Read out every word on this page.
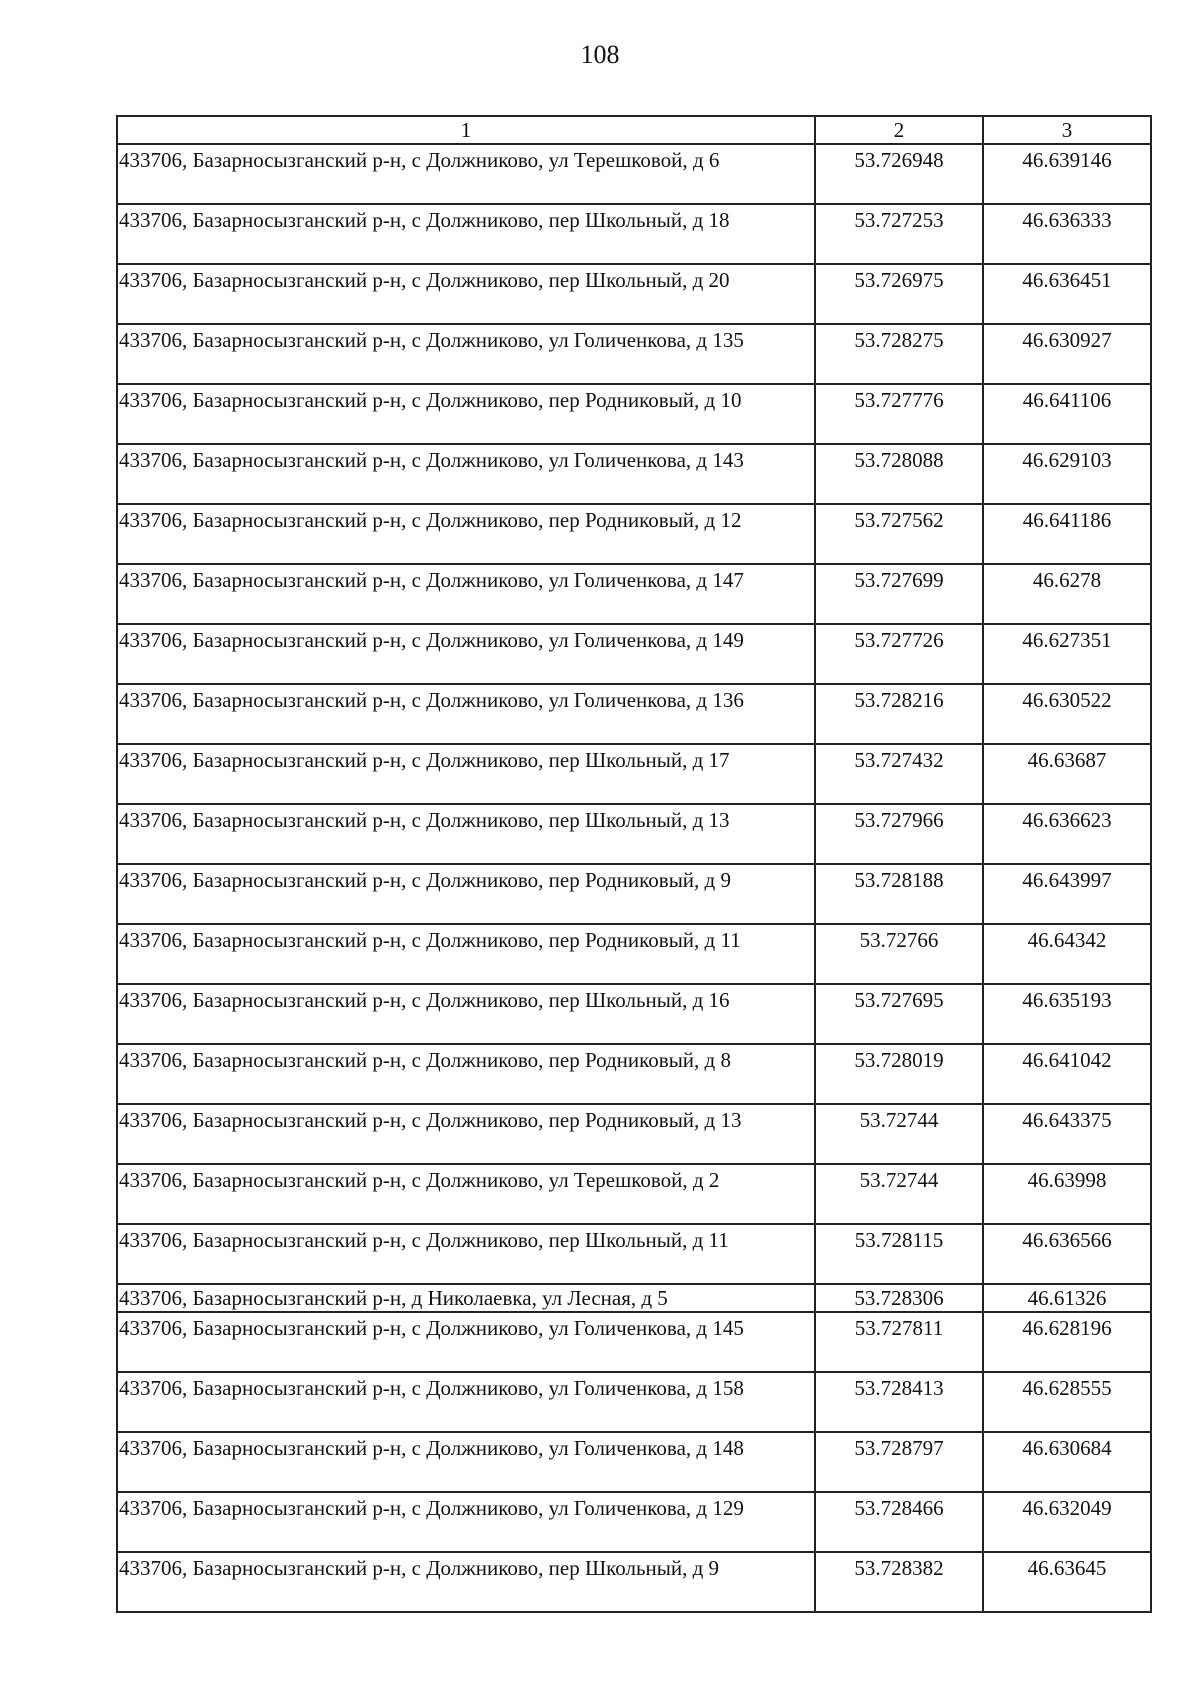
108
1	2	3
433706, Базарносызганский р-н, с Должниково, ул Терешковой, д 6	53.726948	46.639146
433706, Базарносызганский р-н, с Должниково, пер Школьный, д 18	53.727253	46.636333
433706, Базарносызганский р-н, с Должниково, пер Школьный, д 20	53.726975	46.636451
433706, Базарносызганский р-н, с Должниково, ул Голиченкова, д 135	53.728275	46.630927
433706, Базарносызганский р-н, с Должниково, пер Родниковый, д 10	53.727776	46.641106
433706, Базарносызганский р-н, с Должниково, ул Голиченкова, д 143	53.728088	46.629103
433706, Базарносызганский р-н, с Должниково, пер Родниковый, д 12	53.727562	46.641186
433706, Базарносызганский р-н, с Должниково, ул Голиченкова, д 147	53.727699	46.6278
433706, Базарносызганский р-н, с Должниково, ул Голиченкова, д 149	53.727726	46.627351
433706, Базарносызганский р-н, с Должниково, ул Голиченкова, д 136	53.728216	46.630522
433706, Базарносызганский р-н, с Должниково, пер Школьный, д 17	53.727432	46.63687
433706, Базарносызганский р-н, с Должниково, пер Школьный, д 13	53.727966	46.636623
433706, Базарносызганский р-н, с Должниково, пер Родниковый, д 9	53.728188	46.643997
433706, Базарносызганский р-н, с Должниково, пер Родниковый, д 11	53.72766	46.64342
433706, Базарносызганский р-н, с Должниково, пер Школьный, д 16	53.727695	46.635193
433706, Базарносызганский р-н, с Должниково, пер Родниковый, д 8	53.728019	46.641042
433706, Базарносызганский р-н, с Должниково, пер Родниковый, д 13	53.72744	46.643375
433706, Базарносызганский р-н, с Должниково, ул Терешковой, д 2	53.72744	46.63998
433706, Базарносызганский р-н, с Должниково, пер Школьный, д 11	53.728115	46.636566
433706, Базарносызганский р-н, д Николаевка, ул Лесная, д 5	53.728306	46.61326
433706, Базарносызганский р-н, с Должниково, ул Голиченкова, д 145	53.727811	46.628196
433706, Базарносызганский р-н, с Должниково, ул Голиченкова, д 158	53.728413	46.628555
433706, Базарносызганский р-н, с Должниково, ул Голиченкова, д 148	53.728797	46.630684
433706, Базарносызганский р-н, с Должниково, ул Голиченкова, д 129	53.728466	46.632049
433706, Базарносызганский р-н, с Должниково, пер Школьный, д 9	53.728382	46.63645
